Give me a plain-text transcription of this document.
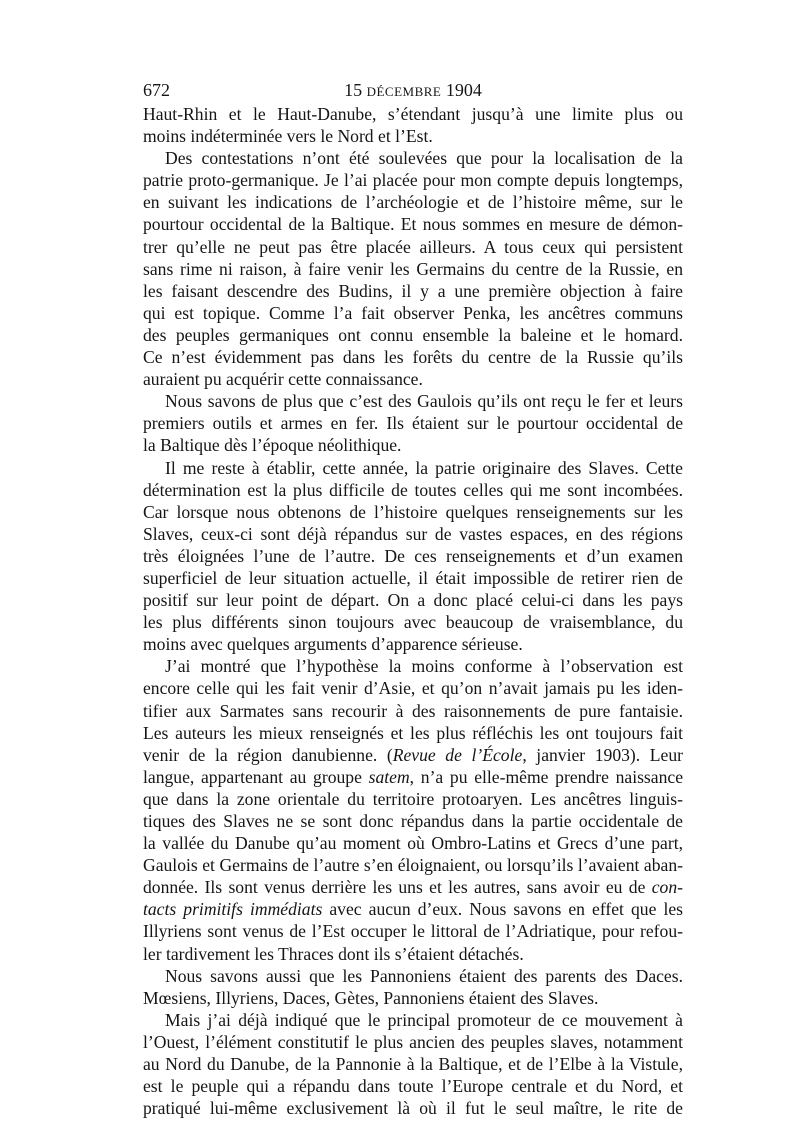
672	15 décembre 1904
Haut-Rhin et le Haut-Danube, s’étendant jusqu’à une limite plus ou
moins indéterminée vers le Nord et l’Est.
Des contestations n’ont été soulevées que pour la localisation de la
patrie proto-germanique. Je l’ai placée pour mon compte depuis longtemps,
en suivant les indications de l’archéologie et de l’histoire même, sur le
pourtour occidental de la Baltique. Et nous sommes en mesure de démon-
trer qu’elle ne peut pas être placée ailleurs. A tous ceux qui persistent
sans rime ni raison, à faire venir les Germains du centre de la Russie, en
les faisant descendre des Budins, il y a une première objection à faire
qui est topique. Comme l’a fait observer Penka, les ancêtres communs
des peuples germaniques ont connu ensemble la baleine et le homard.
Ce n’est évidemment pas dans les forêts du centre de la Russie qu’ils
auraient pu acquérir cette connaissance.
Nous savons de plus que c’est des Gaulois qu’ils ont reçu le fer et leurs
premiers outils et armes en fer. Ils étaient sur le pourtour occidental de
la Baltique dès l’époque néolithique.
Il me reste à établir, cette année, la patrie originaire des Slaves. Cette
détermination est la plus difficile de toutes celles qui me sont incombées.
Car lorsque nous obtenons de l’histoire quelques renseignements sur les
Slaves, ceux-ci sont déjà répandus sur de vastes espaces, en des régions
très éloignées l’une de l’autre. De ces renseignements et d’un examen
superficiel de leur situation actuelle, il était impossible de retirer rien de
positif sur leur point de départ. On a donc placé celui-ci dans les pays
les plus différents sinon toujours avec beaucoup de vraisemblance, du
moins avec quelques arguments d’apparence sérieuse.
J’ai montré que l’hypothèse la moins conforme à l’observation est
encore celle qui les fait venir d’Asie, et qu’on n’avait jamais pu les iden-
tifier aux Sarmates sans recourir à des raisonnements de pure fantaisie.
Les auteurs les mieux renseignés et les plus réfléchis les ont toujours fait
venir de la région danubienne. (Revue de l’École, janvier 1903). Leur
langue, appartenant au groupe satem, n’a pu elle-même prendre naissance
que dans la zone orientale du territoire protoaryen. Les ancêtres linguis-
tiques des Slaves ne se sont donc répandus dans la partie occidentale de
la vallée du Danube qu’au moment où Ombro-Latins et Grecs d’une part,
Gaulois et Germains de l’autre s’en éloignaient, ou lorsqu’ils l’avaient aban-
donnée. Ils sont venus derrière les uns et les autres, sans avoir eu de con-
tacts primitifs immédiats avec aucun d’eux. Nous savons en effet que les
Illyriens sont venus de l’Est occuper le littoral de l’Adriatique, pour refou-
ler tardivement les Thraces dont ils s’étaient détachés.
Nous savons aussi que les Pannoniens étaient des parents des Daces.
Mœsiens, Illyriens, Daces, Gètes, Pannoniens étaient des Slaves.
Mais j’ai déjà indiqué que le principal promoteur de ce mouvement à
l’Ouest, l’élément constitutif le plus ancien des peuples slaves, notamment
au Nord du Danube, de la Pannonie à la Baltique, et de l’Elbe à la Vistule,
est le peuple qui a répandu dans toute l’Europe centrale et du Nord, et
pratiqué lui-même exclusivement là où il fut le seul maître, le rite de
